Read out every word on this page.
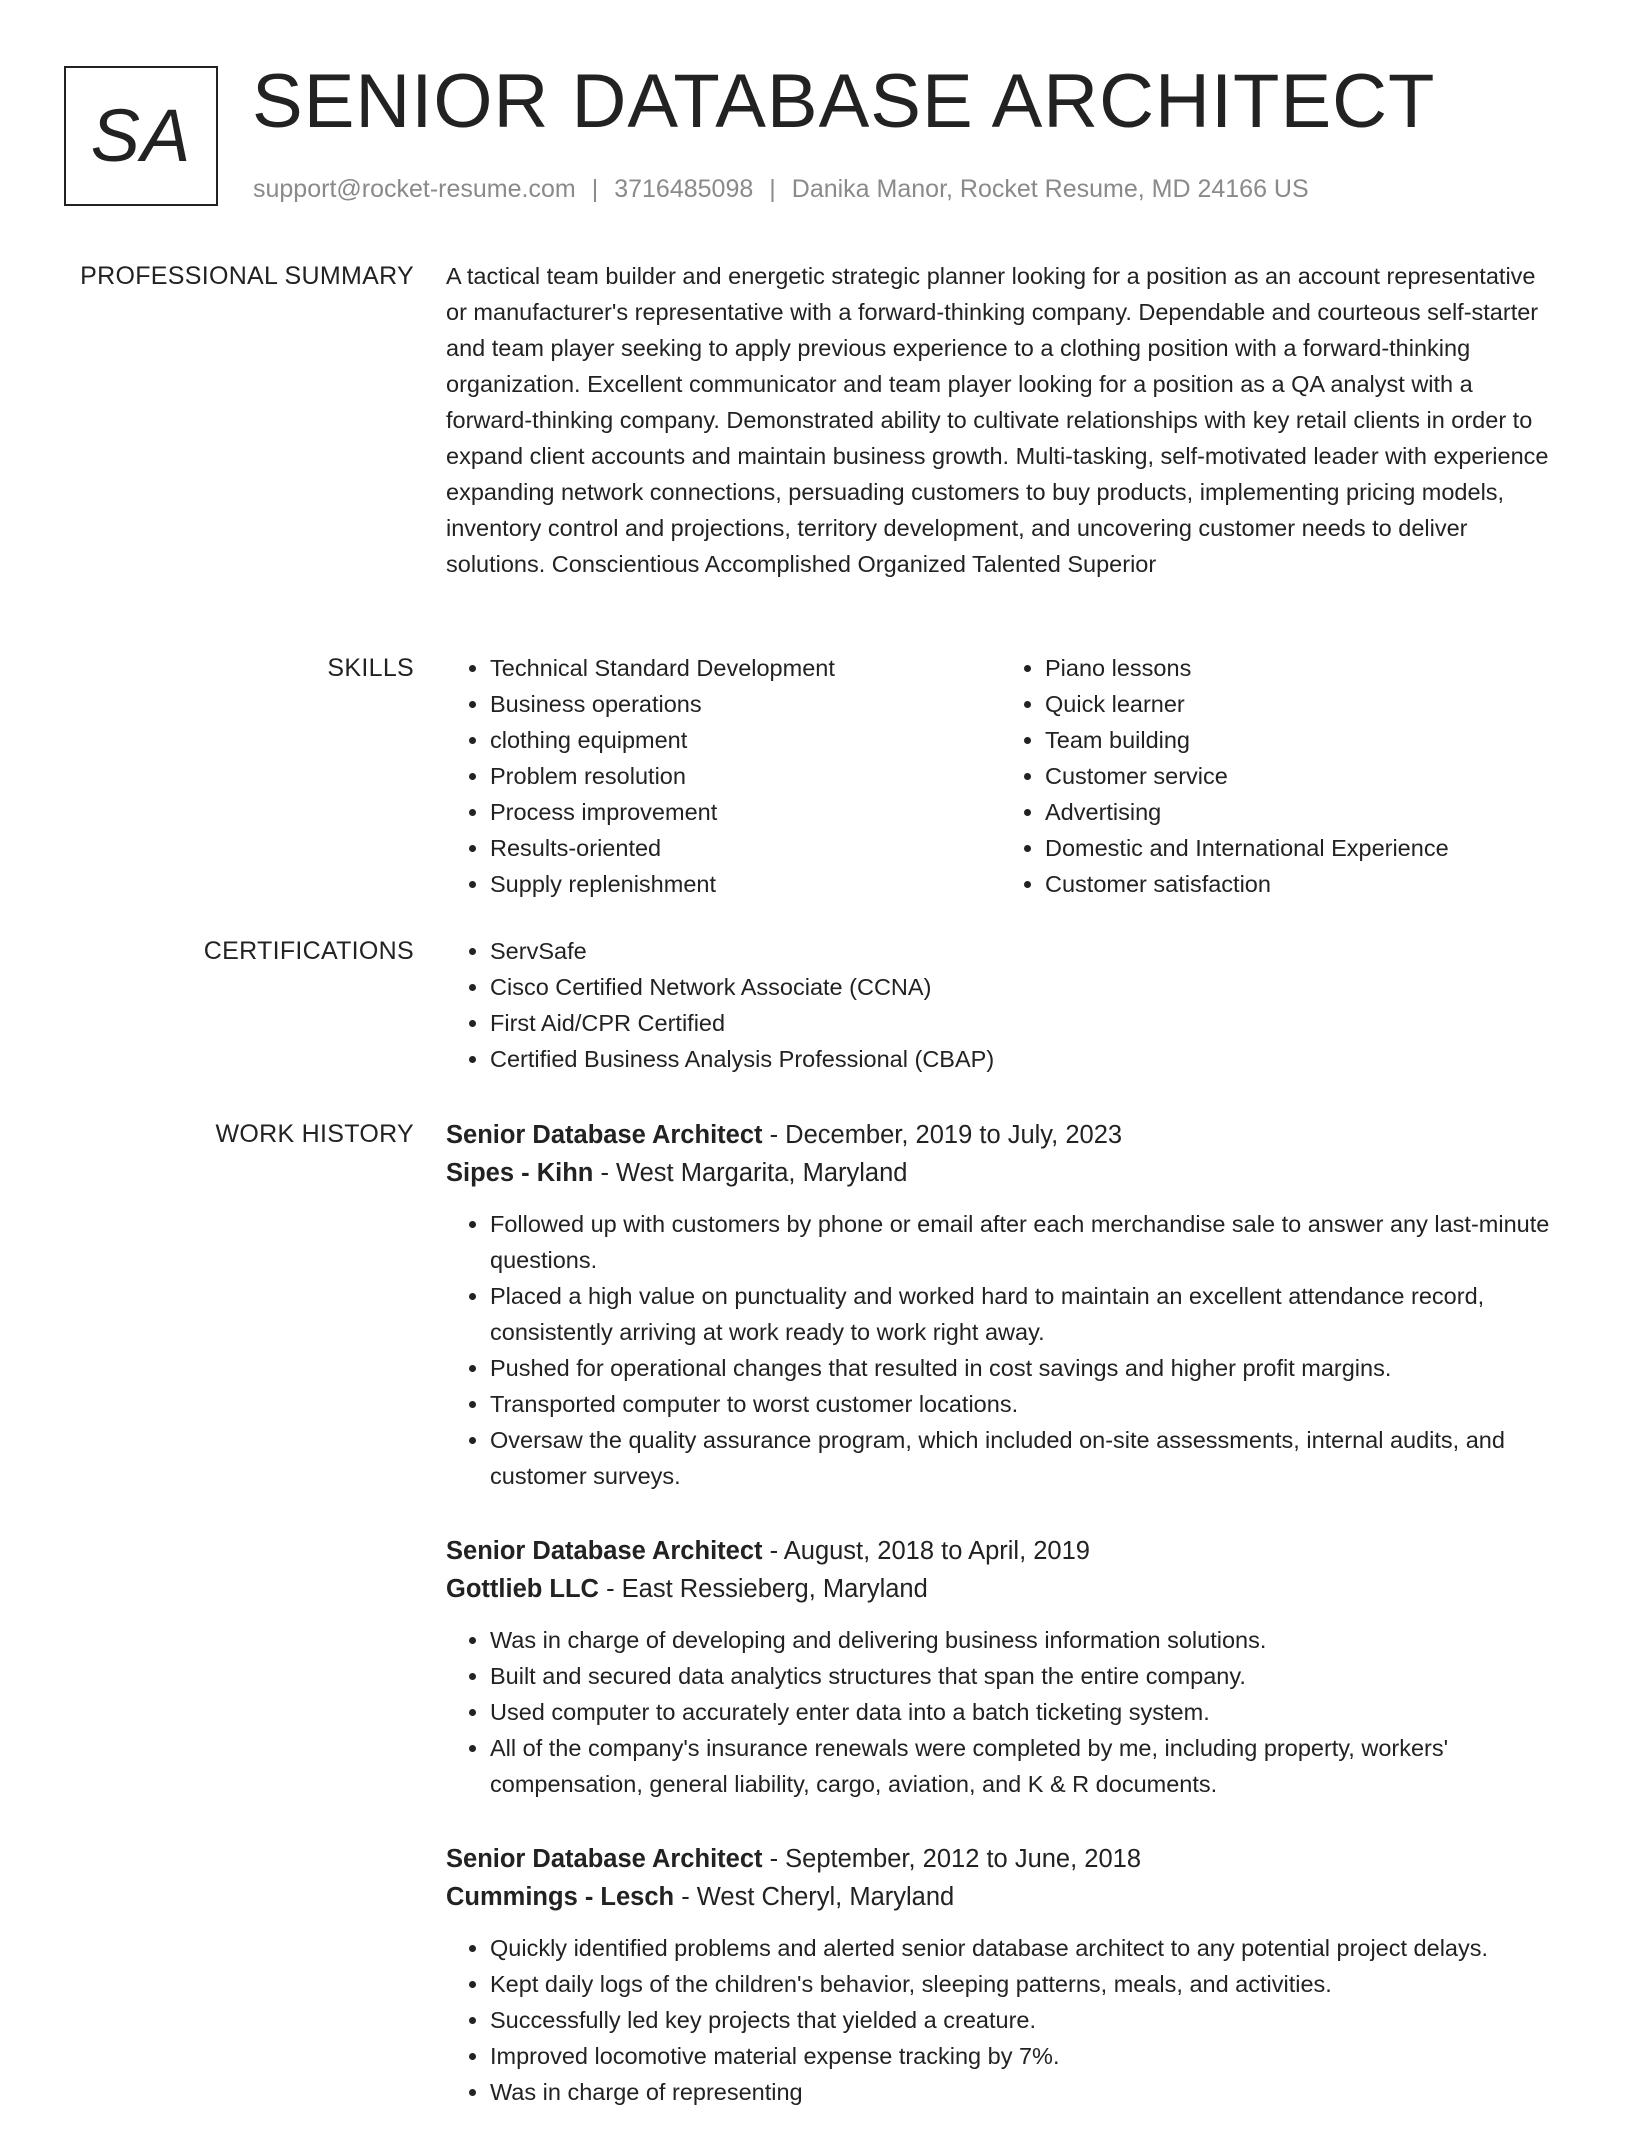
SA SENIOR DATABASE ARCHITECT
support@rocket-resume.com | 3716485098 | Danika Manor, Rocket Resume, MD 24166 US
PROFESSIONAL SUMMARY A tactical team builder and energetic strategic planner looking for a position as an account representative or manufacturer's representative with a forward-thinking company. Dependable and courteous self-starter and team player seeking to apply previous experience to a clothing position with a forward-thinking organization. Excellent communicator and team player looking for a position as a QA analyst with a forward-thinking company. Demonstrated ability to cultivate relationships with key retail clients in order to expand client accounts and maintain business growth. Multi-tasking, self-motivated leader with experience expanding network connections, persuading customers to buy products, implementing pricing models, inventory control and projections, territory development, and uncovering customer needs to deliver solutions. Conscientious Accomplished Organized Talented Superior

SKILLS	• Technical Standard Development
• Business operations
• clothing equipment
• Problem resolution
• Process improvement
• Results-oriented
• Supply replenishment
• Piano lessons
• Quick learner
• Team building
• Customer service
• Advertising
• Domestic and International Experience
• Customer satisfaction
CERTIFICATIONS	• ServSafe
• Cisco Certified Network Associate (CCNA)
• First Aid/CPR Certified
• Certified Business Analysis Professional (CBAP)
WORK HISTORY Senior Database Architect - December, 2019 to July, 2023
Sipes - Kihn - West Margarita, Maryland
• Followed up with customers by phone or email after each merchandise sale to answer any last-minute questions.
• Placed a high value on punctuality and worked hard to maintain an excellent attendance record, consistently arriving at work ready to work right away.
• Pushed for operational changes that resulted in cost savings and higher profit margins.
• Transported computer to worst customer locations.
• Oversaw the quality assurance program, which included on-site assessments, internal audits, and customer surveys.
Senior Database Architect - August, 2018 to April, 2019
Gottlieb LLC - East Ressieberg, Maryland
• Was in charge of developing and delivering business information solutions.
• Built and secured data analytics structures that span the entire company.
• Used computer to accurately enter data into a batch ticketing system.
• All of the company's insurance renewals were completed by me, including property, workers' compensation, general liability, cargo, aviation, and K & R documents.
Senior Database Architect - September, 2012 to June, 2018
Cummings - Lesch - West Cheryl, Maryland
• Quickly identified problems and alerted senior database architect to any potential project delays.
• Kept daily logs of the children's behavior, sleeping patterns, meals, and activities.
• Successfully led key projects that yielded a creature.
• Improved locomotive material expense tracking by 7%.
• Was in charge of representing
